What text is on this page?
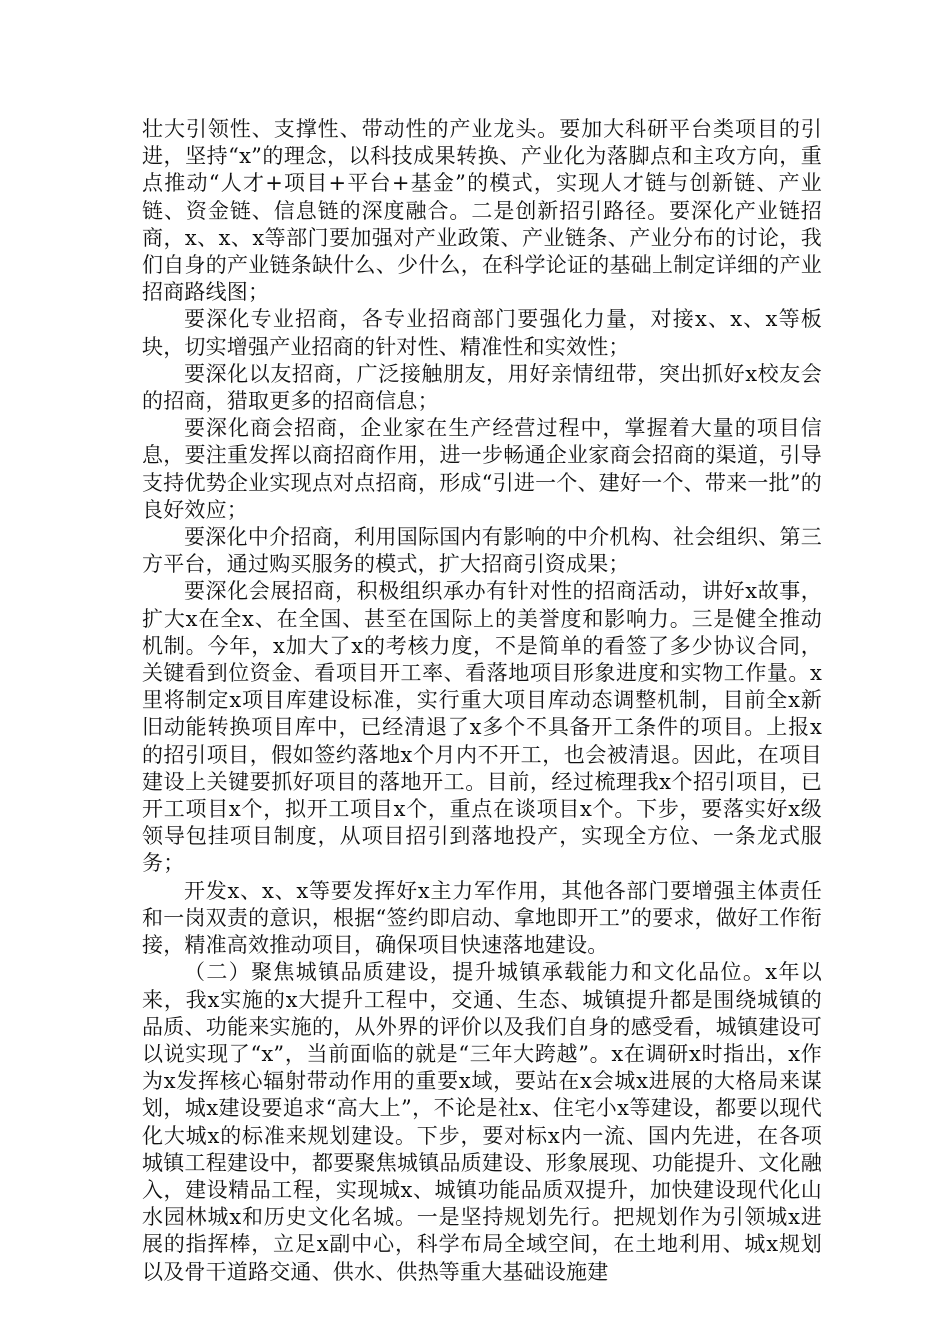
壮大引领性、支撑性、带动性的产业龙头。要加大科研平台类项目的引进，坚持“x”的理念，以科技成果转换、产业化为落脚点和主攻方向，重点推动“人才+项目+平台+基金”的模式，实现人才链与创新链、产业链、资金链、信息链的深度融合。二是创新招引路径。要深化产业链招商，x、x、x等部门要加强对产业政策、产业链条、产业分布的讨论，我们自身的产业链条缺什么、少什么，在科学论证的基础上制定详细的产业招商路线图；

要深化专业招商，各专业招商部门要强化力量，对接x、x、x等板块，切实增强产业招商的针对性、精准性和实效性；

要深化以友招商，广泛接触朋友，用好亲情纽带，突出抓好x校友会的招商，猎取更多的招商信息；

要深化商会招商，企业家在生产经营过程中，掌握着大量的项目信息，要注重发挥以商招商作用，进一步畅通企业家商会招商的渠道，引导支持优势企业实现点对点招商，形成“引进一个、建好一个、带来一批”的良好效应；

要深化中介招商，利用国际国内有影响的中介机构、社会组织、第三方平台，通过购买服务的模式，扩大招商引资成果；

要深化会展招商，积极组织承办有针对性的招商活动，讲好x故事，扩大x在全x、在全国、甚至在国际上的美誉度和影响力。三是健全推动机制。今年，x加大了x的考核力度，不是简单的看签了多少协议合同，关键看到位资金、看项目开工率、看落地项目形象进度和实物工作量。x里将制定x项目库建设标准，实行重大项目库动态调整机制，目前全x新旧动能转换项目库中，已经清退了x多个不具备开工条件的项目。上报x的招引项目，假如签约落地x个月内不开工，也会被清退。因此，在项目建设上关键要抓好项目的落地开工。目前，经过梳理我x个招引项目，已开工项目x个，拟开工项目x个，重点在谈项目x个。下步，要落实好x级领导包挂项目制度，从项目招引到落地投产，实现全方位、一条龙式服务；

开发x、x、x等要发挥好x主力军作用，其他各部门要增强主体责任和一岗双责的意识，根据“签约即启动、拿地即开工”的要求，做好工作衔接，精准高效推动项目，确保项目快速落地建设。

（二）聚焦城镇品质建设，提升城镇承载能力和文化品位。x年以来，我x实施的x大提升工程中，交通、生态、城镇提升都是围绕城镇的品质、功能来实施的，从外界的评价以及我们自身的感受看，城镇建设可以说实现了“x”，当前面临的就是“三年大跨越”。x在调研x时指出，x作为x发挥核心辐射带动作用的重要x域，要站在x会城x进展的大格局来谋划，城x建设要追求“高大上”，不论是社x、住宅小x等建设，都要以现代化大城x的标准来规划建设。下步，要对标x内一流、国内先进，在各项城镇工程建设中，都要聚焦城镇品质建设、形象展现、功能提升、文化融入，建设精品工程，实现城x、城镇功能品质双提升，加快建设现代化山水园林城x和历史文化名城。一是坚持规划先行。把规划作为引领城x进展的指挥棒，立足x副中心，科学布局全域空间，在土地利用、城x规划以及骨干道路交通、供水、供热等重大基础设施建
